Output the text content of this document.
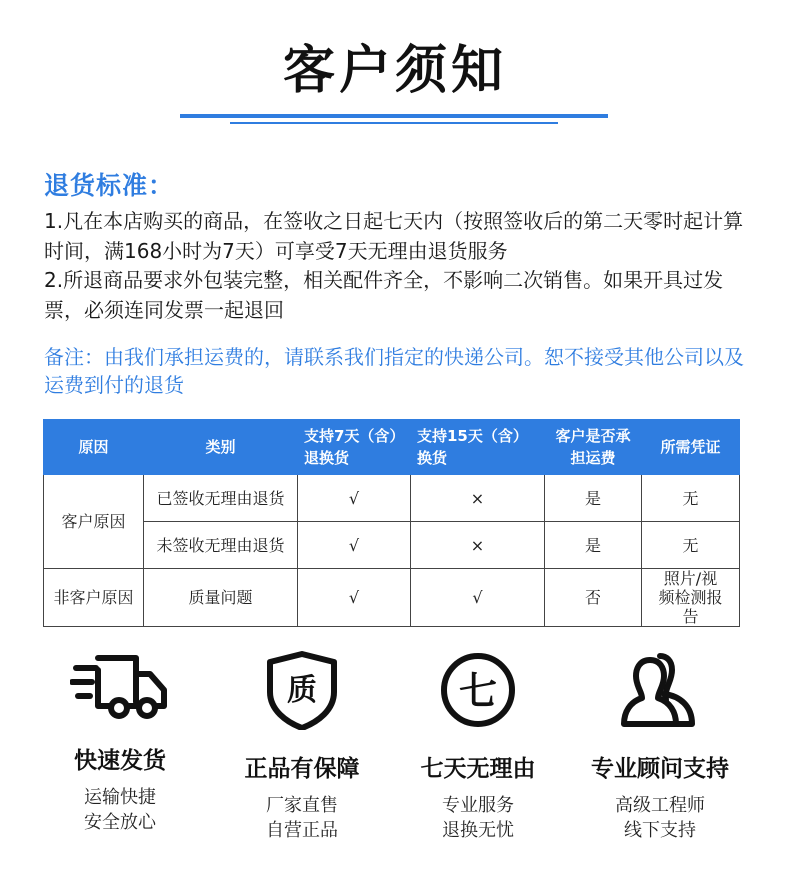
客户须知
退货标准：
1.凡在本店购买的商品，在签收之日起七天内（按照签收后的第二天零时起计算时间，满168小时为7天）可享受7天无理由退货服务
2.所退商品要求外包装完整，相关配件齐全，不影响二次销售。如果开具过发票，必须连同发票一起退回
备注：由我们承担运费的，请联系我们指定的快递公司。恕不接受其他公司以及运费到付的退货
原因	类别	支持7天（含）退换货	支持15天（含）换货	客户是否承担运费	所需凭证
客户原因	已签收无理由退货	√	×	是	无
	未签收无理由退货	√	×	是	无
非客户原因	质量问题	√	√	否	照片/视频检测报告
快速发货
运输快捷
安全放心
质
正品有保障
厂家直售
自营正品
七
七天无理由
专业服务
退换无忧
专业顾问支持
高级工程师
线下支持
